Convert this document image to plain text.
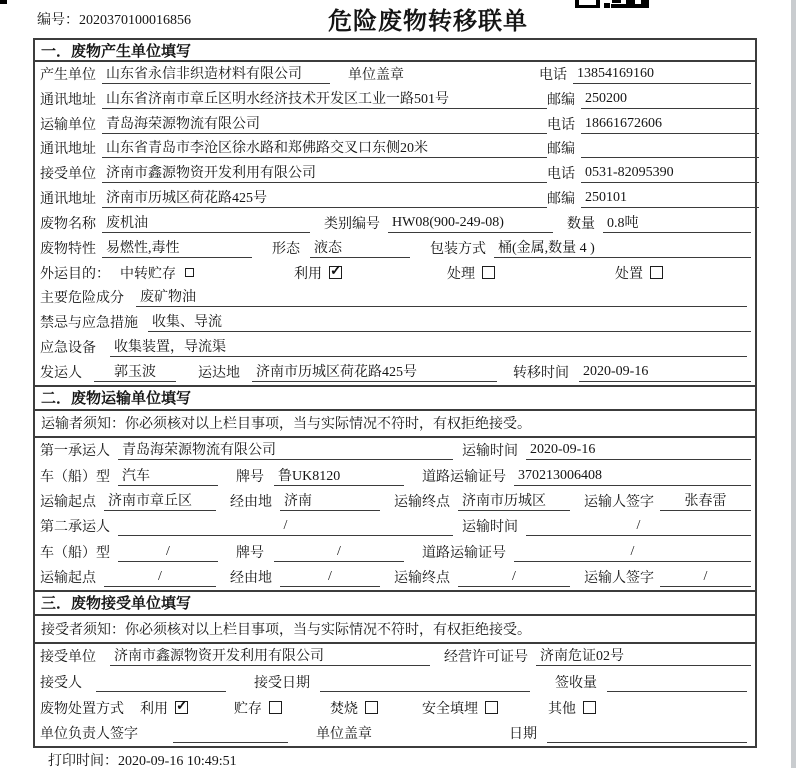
编号：2020370100016856	危险废物转移联单
一．废物产生单位填写
产生单位 山东省永信非织造材料有限公司	单位盖章	电话 13854169160
通讯地址 山东省济南市章丘区明水经济技术开发区工业一路501号	邮编 250200
运输单位 青岛海荣源物流有限公司	电话 18661672606
通讯地址 山东省青岛市李沧区徐水路和郑佛路交叉口东侧20米	邮编
接受单位 济南市鑫源物资开发利用有限公司	电话 0531-82095390
通讯地址 济南市历城区荷花路425号	邮编 250101
废物名称 废机油	类别编号 HW08(900-249-08)	数量 0.8吨
废物特性 易燃性,毒性	形态 液态	包装方式 桶(金属,数量 4 )
外运目的： 中转贮存	利用 ✓	处理	处置
主要危险成分 废矿物油
禁忌与应急措施 收集、导流
应急设备 收集装置，导流渠
发运人	郭玉波	运达地 济南市历城区荷花路425号	转移时间 2020-09-16
二．废物运输单位填写
运输者须知：你必须核对以上栏目事项，当与实际情况不符时，有权拒绝接受。
第一承运人 青岛海荣源物流有限公司	运输时间 2020-09-16
车（船）型 汽车	牌号 鲁UK8120	道路运输证号 370213006408
运输起点 济南市章丘区	经由地 济南	运输终点 济南市历城区	运输人签字	张春雷
第二承运人	/	运输时间	/
车（船）型	/	牌号	/	道路运输证号	/
运输起点	/	经由地	/	运输终点	/	运输人签字	/
三．废物接受单位填写
接受者须知：你必须核对以上栏目事项，当与实际情况不符时，有权拒绝接受。
接受单位 济南市鑫源物资开发利用有限公司	经营许可证号 济南危证02号
接受人	接受日期	签收量
废物处置方式 利用 ✓	贮存	焚烧	安全填埋	其他
单位负责人签字	单位盖章	日期
打印时间：2020-09-16 10:49:51
